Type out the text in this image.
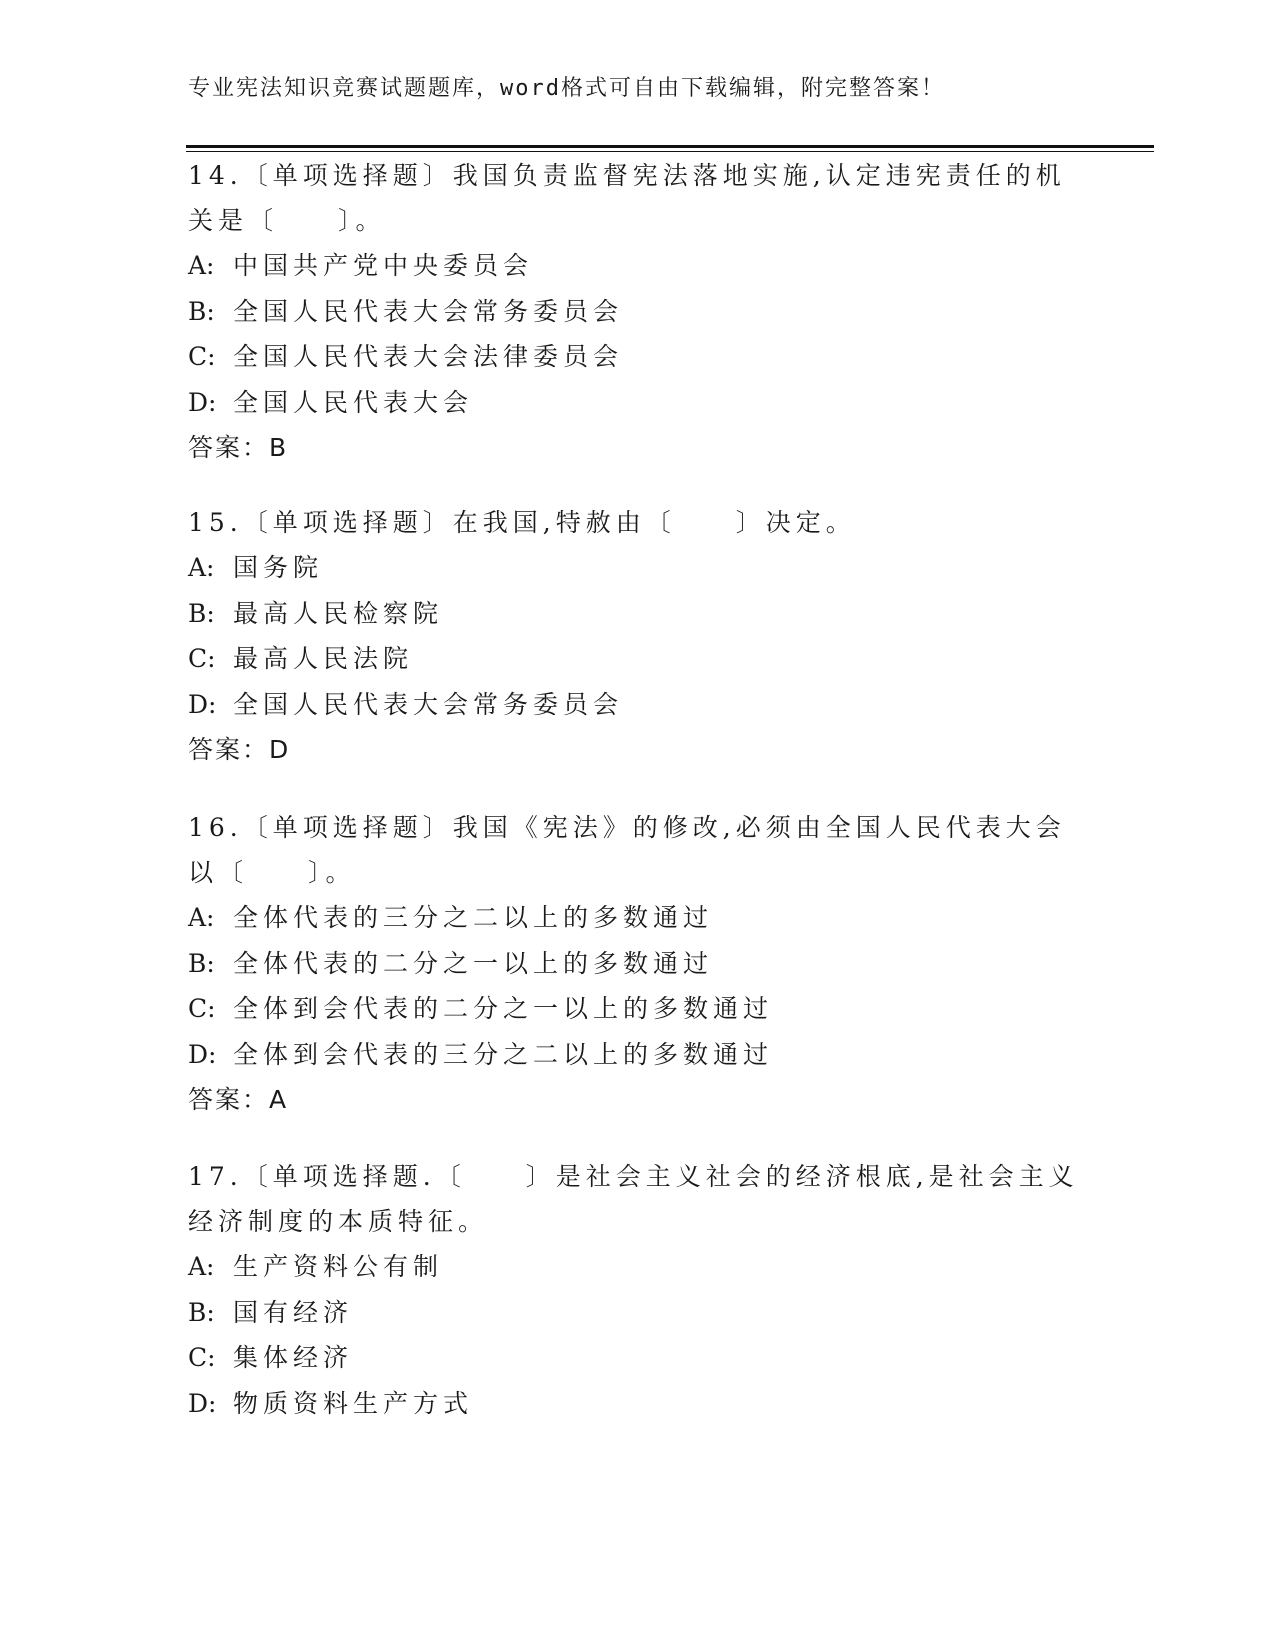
专业宪法知识竞赛试题题库，word格式可自由下载编辑，附完整答案！

14.〔单项选择题〕我国负责监督宪法落地实施,认定违宪责任的机关是〔　　〕。

A: 中国共产党中央委员会
B: 全国人民代表大会常务委员会
C: 全国人民代表大会法律委员会
D: 全国人民代表大会
答案：B

15.〔单项选择题〕在我国,特赦由〔　　〕决定。

A: 国务院
B: 最高人民检察院
C: 最高人民法院
D: 全国人民代表大会常务委员会
答案：D

16.〔单项选择题〕我国《宪法》的修改,必须由全国人民代表大会以〔　　〕。

A: 全体代表的三分之二以上的多数通过
B: 全体代表的二分之一以上的多数通过
C: 全体到会代表的二分之一以上的多数通过
D: 全体到会代表的三分之二以上的多数通过
答案：A

17.〔单项选择题.〔　　〕是社会主义社会的经济根底,是社会主义经济制度的本质特征。

A: 生产资料公有制
B: 国有经济
C: 集体经济
D: 物质资料生产方式
